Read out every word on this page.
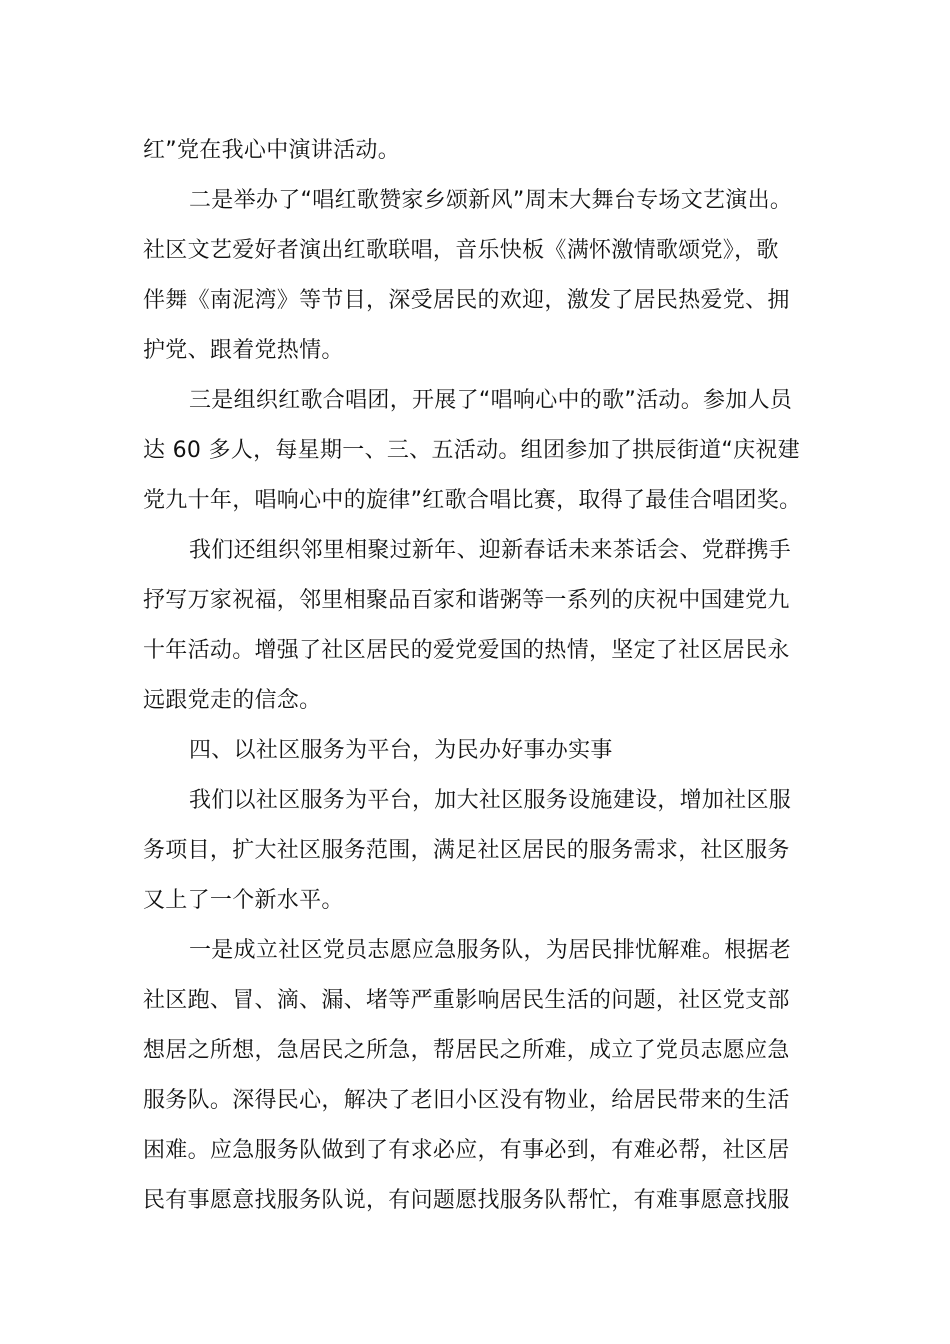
红”党在我心中演讲活动。

二是举办了“唱红歌赞家乡颂新风”周末大舞台专场文艺演出。
社区文艺爱好者演出红歌联唱，音乐快板《满怀激情歌颂党》，歌
伴舞《南泥湾》等节目，深受居民的欢迎，激发了居民热爱党、拥
护党、跟着党热情。

三是组织红歌合唱团，开展了“唱响心中的歌”活动。参加人员
达 60 多人，每星期一、三、五活动。组团参加了拱辰街道“庆祝建
党九十年，唱响心中的旋律”红歌合唱比赛，取得了最佳合唱团奖。

我们还组织邻里相聚过新年、迎新春话未来茶话会、党群携手
抒写万家祝福，邻里相聚品百家和谐粥等一系列的庆祝中国建党九
十年活动。增强了社区居民的爱党爱国的热情，坚定了社区居民永
远跟党走的信念。

四、以社区服务为平台，为民办好事办实事

我们以社区服务为平台，加大社区服务设施建设，增加社区服
务项目，扩大社区服务范围，满足社区居民的服务需求，社区服务
又上了一个新水平。

一是成立社区党员志愿应急服务队，为居民排忧解难。根据老
社区跑、冒、滴、漏、堵等严重影响居民生活的问题，社区党支部
想居之所想，急居民之所急，帮居民之所难，成立了党员志愿应急
服务队。深得民心，解决了老旧小区没有物业，给居民带来的生活
困难。应急服务队做到了有求必应，有事必到，有难必帮，社区居
民有事愿意找服务队说，有问题愿找服务队帮忙，有难事愿意找服
